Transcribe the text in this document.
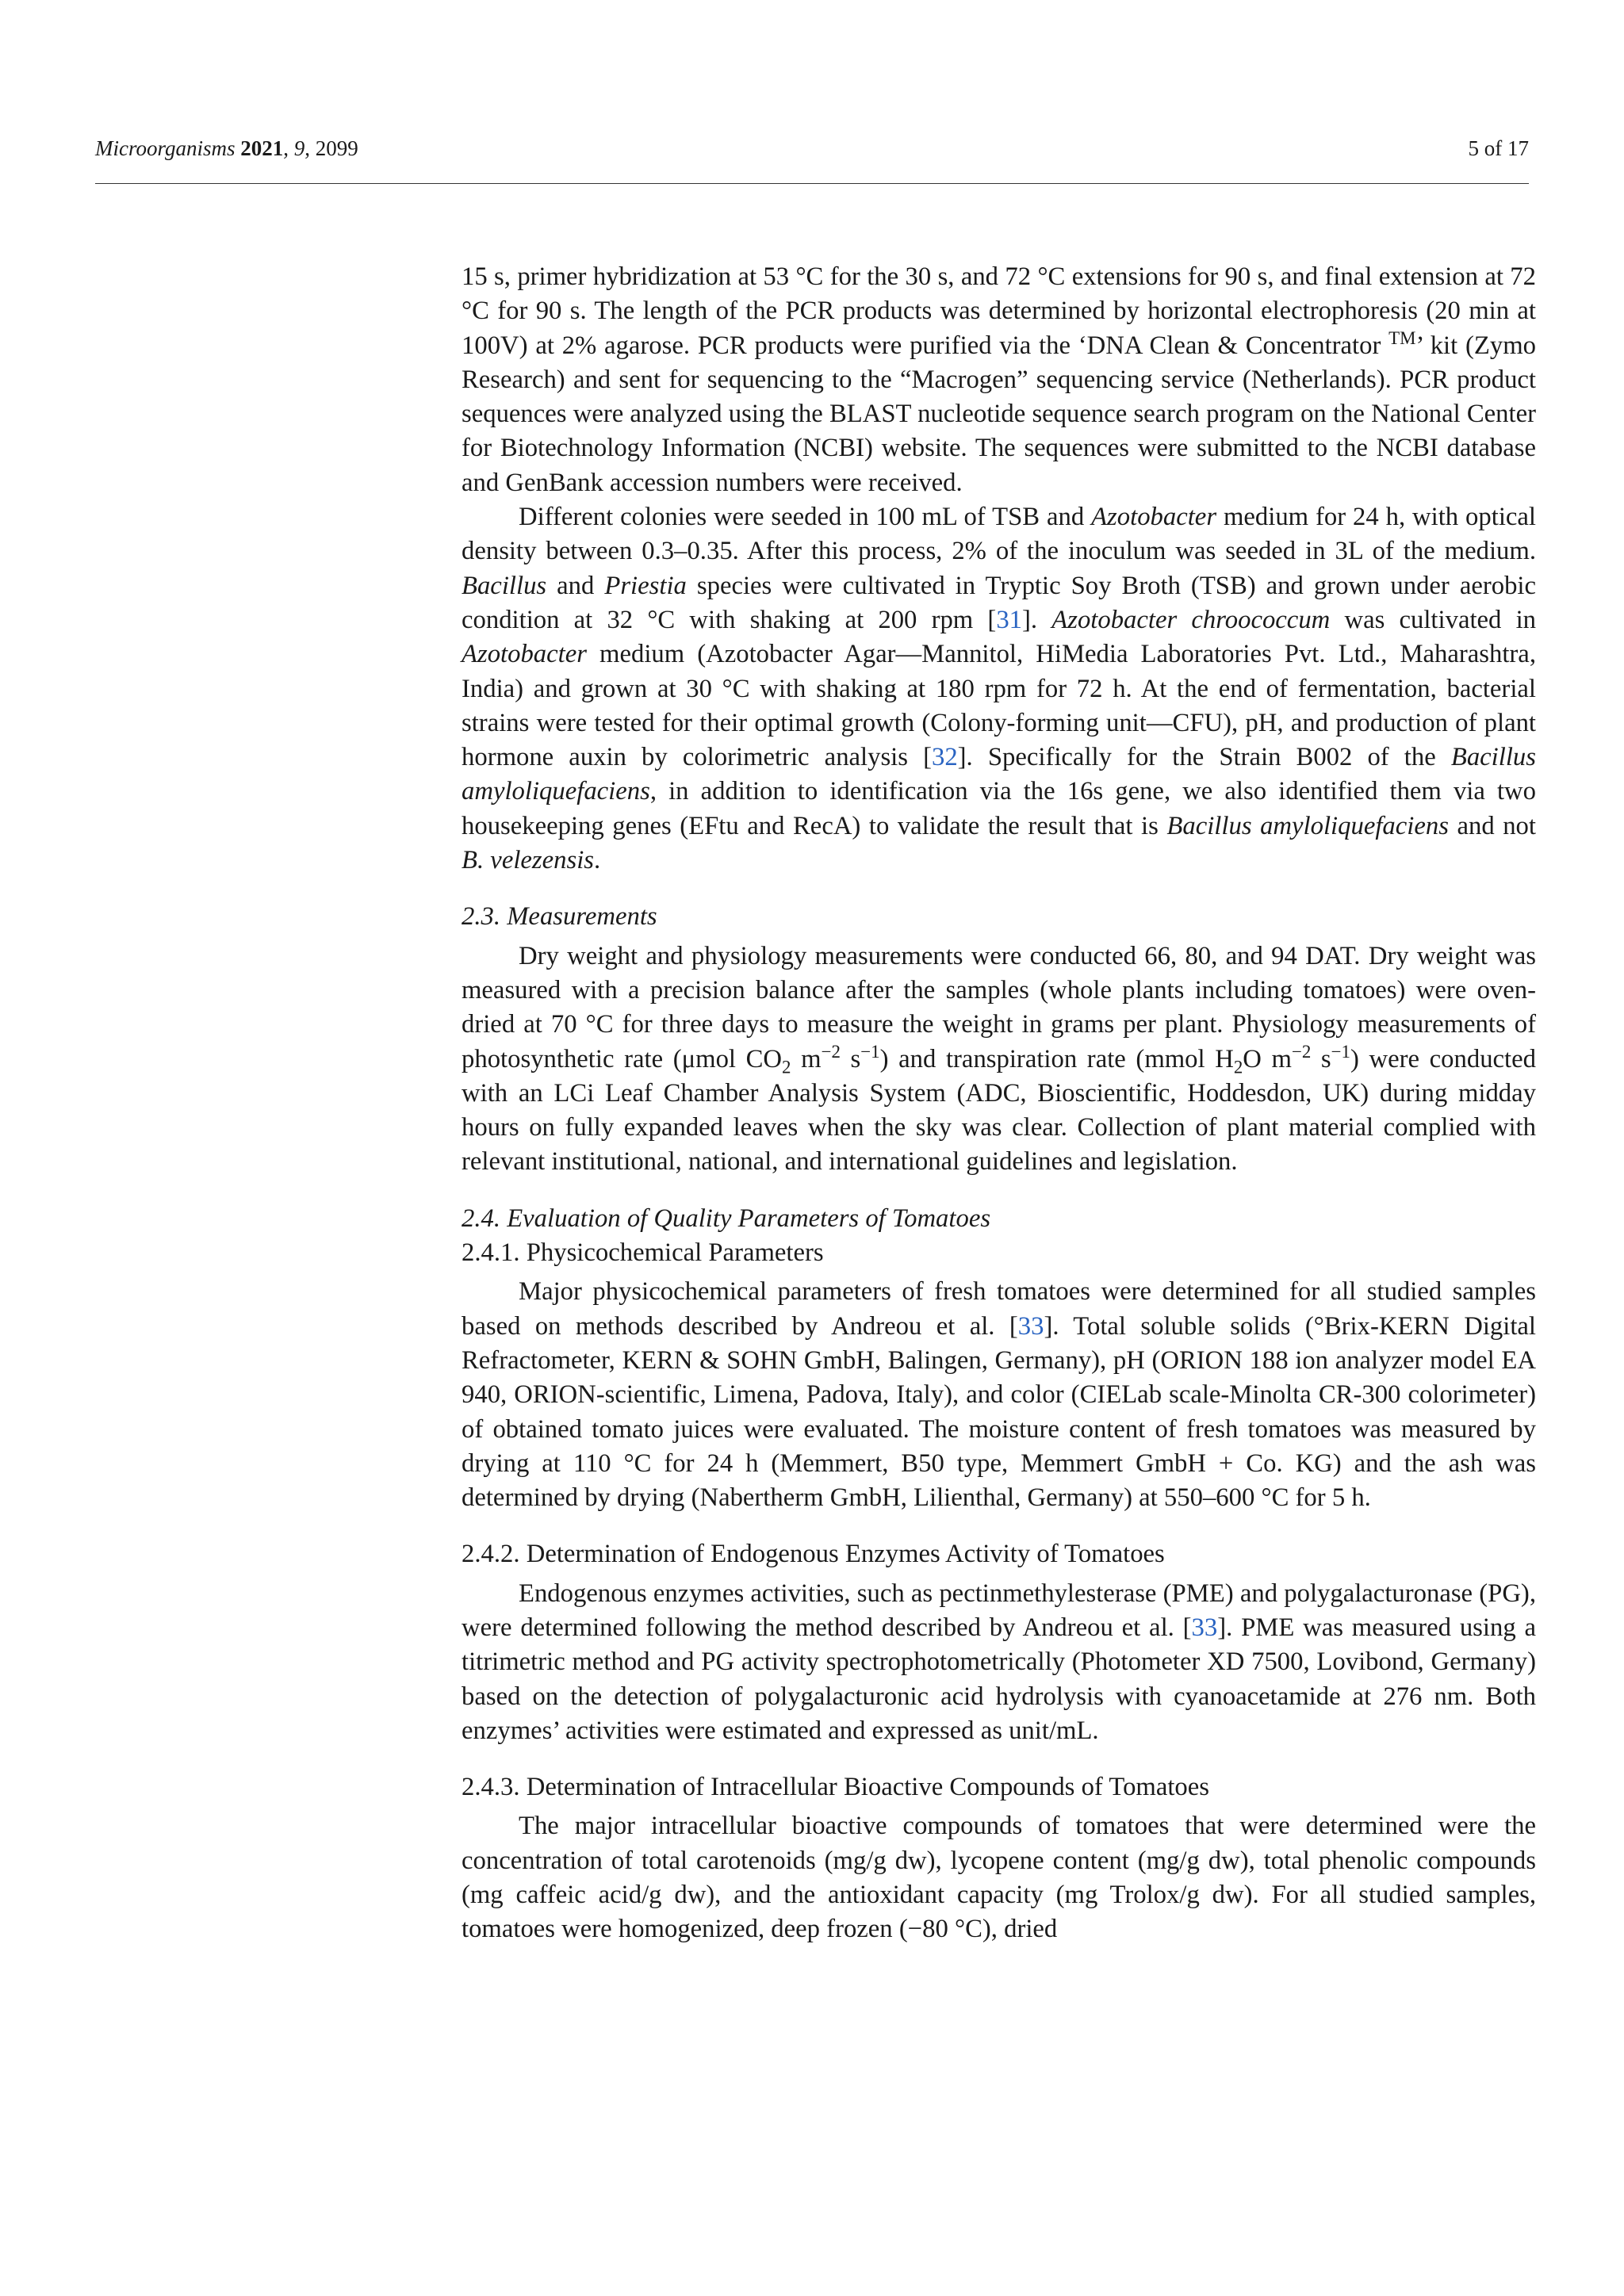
Microorganisms 2021, 9, 2099	5 of 17

15 s, primer hybridization at 53 °C for the 30 s, and 72 °C extensions for 90 s, and final extension at 72 °C for 90 s. The length of the PCR products was determined by horizontal electrophoresis (20 min at 100V) at 2% agarose. PCR products were purified via the ‘DNA Clean & Concentrator ™’ kit (Zymo Research) and sent for sequencing to the “Macrogen” sequencing service (Netherlands). PCR product sequences were analyzed using the BLAST nucleotide sequence search program on the National Center for Biotechnology Information (NCBI) website. The sequences were submitted to the NCBI database and GenBank accession numbers were received.

Different colonies were seeded in 100 mL of TSB and Azotobacter medium for 24 h, with optical density between 0.3–0.35. After this process, 2% of the inoculum was seeded in 3L of the medium. Bacillus and Priestia species were cultivated in Tryptic Soy Broth (TSB) and grown under aerobic condition at 32 °C with shaking at 200 rpm [31]. Azotobacter chroococcum was cultivated in Azotobacter medium (Azotobacter Agar—Mannitol, HiMedia Laboratories Pvt. Ltd., Maharashtra, India) and grown at 30 °C with shaking at 180 rpm for 72 h. At the end of fermentation, bacterial strains were tested for their optimal growth (Colony-forming unit—CFU), pH, and production of plant hormone auxin by colorimetric analysis [32]. Specifically for the Strain B002 of the Bacillus amyloliquefaciens, in addition to identification via the 16s gene, we also identified them via two housekeeping genes (EFtu and RecA) to validate the result that is Bacillus amyloliquefaciens and not B. velezensis.

2.3. Measurements

Dry weight and physiology measurements were conducted 66, 80, and 94 DAT. Dry weight was measured with a precision balance after the samples (whole plants including tomatoes) were oven-dried at 70 °C for three days to measure the weight in grams per plant. Physiology measurements of photosynthetic rate (μmol $CO_2$ $m^{-2}$ $s^{-1}$) and transpiration rate (mmol $H_2O$ $m^{-2}$ $s^{-1}$) were conducted with an LCi Leaf Chamber Analysis System (ADC, Bioscientific, Hoddesdon, UK) during midday hours on fully expanded leaves when the sky was clear. Collection of plant material complied with relevant institutional, national, and international guidelines and legislation.

2.4. Evaluation of Quality Parameters of Tomatoes
2.4.1. Physicochemical Parameters

Major physicochemical parameters of fresh tomatoes were determined for all studied samples based on methods described by Andreou et al. [33]. Total soluble solids (°Brix-KERN Digital Refractometer, KERN & SOHN GmbH, Balingen, Germany), pH (ORION 188 ion analyzer model EA 940, ORION-scientific, Limena, Padova, Italy), and color (CIELab scale-Minolta CR-300 colorimeter) of obtained tomato juices were evaluated. The moisture content of fresh tomatoes was measured by drying at 110 °C for 24 h (Memmert, B50 type, Memmert GmbH + Co. KG) and the ash was determined by drying (Nabertherm GmbH, Lilienthal, Germany) at 550–600 °C for 5 h.

2.4.2. Determination of Endogenous Enzymes Activity of Tomatoes

Endogenous enzymes activities, such as pectinmethylesterase (PME) and polygalacturonase (PG), were determined following the method described by Andreou et al. [33]. PME was measured using a titrimetric method and PG activity spectrophotometrically (Photometer XD 7500, Lovibond, Germany) based on the detection of polygalacturonic acid hydrolysis with cyanoacetamide at 276 nm. Both enzymes’ activities were estimated and expressed as unit/mL.

2.4.3. Determination of Intracellular Bioactive Compounds of Tomatoes

The major intracellular bioactive compounds of tomatoes that were determined were the concentration of total carotenoids (mg/g dw), lycopene content (mg/g dw), total phenolic compounds (mg caffeic acid/g dw), and the antioxidant capacity (mg Trolox/g dw). For all studied samples, tomatoes were homogenized, deep frozen (−80 °C), dried
